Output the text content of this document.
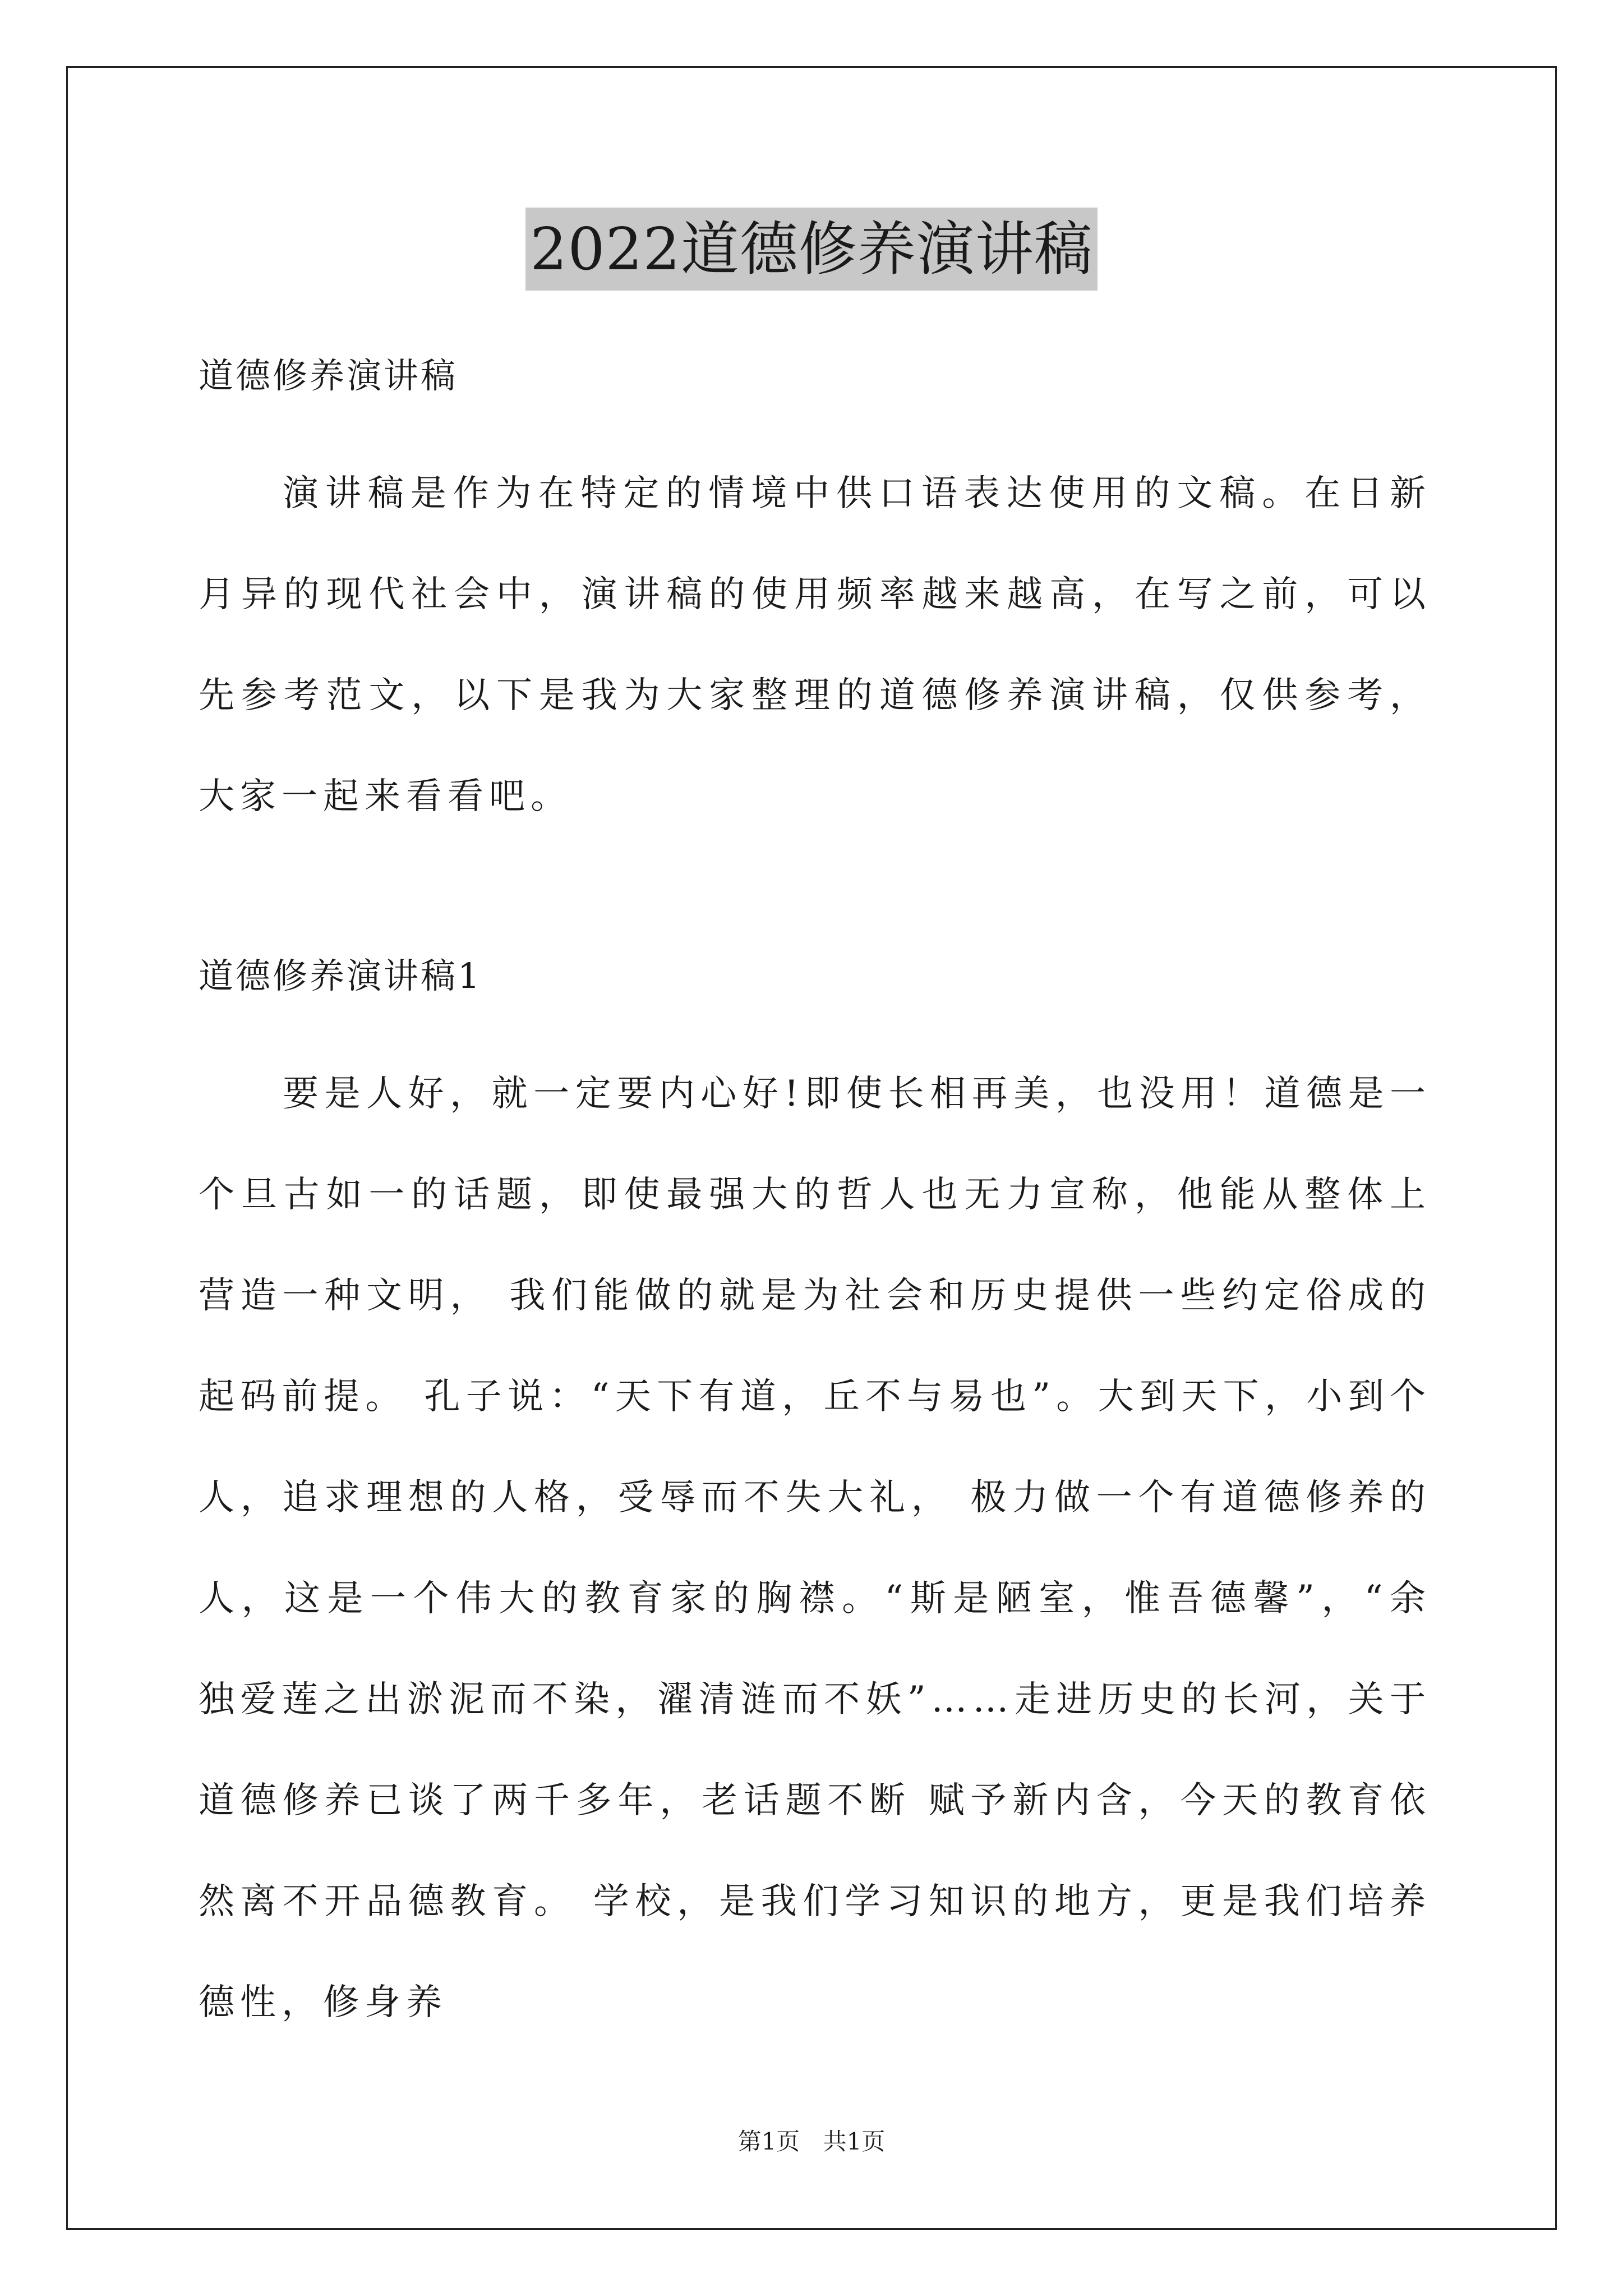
2022道德修养演讲稿

道德修养演讲稿

演讲稿是作为在特定的情境中供口语表达使用的文稿。在日新月异的现代社会中，演讲稿的使用频率越来越高，在写之前，可以先参考范文，以下是我为大家整理的道德修养演讲稿，仅供参考，大家一起来看看吧。

道德修养演讲稿1

要是人好，就一定要内心好!即使长相再美，也没用！道德是一个旦古如一的话题，即使最强大的哲人也无力宣称，他能从整体上营造一种文明， 我们能做的就是为社会和历史提供一些约定俗成的起码前提。 孔子说：“天下有道，丘不与易也”。大到天下，小到个人，追求理想的人格，受辱而不失大礼， 极力做一个有道德修养的人，这是一个伟大的教育家的胸襟。“斯是陋室，惟吾德馨”，“余独爱莲之出淤泥而不染，濯清涟而不妖”……走进历史的长河，关于道德修养已谈了两千多年，老话题不断 赋予新内含，今天的教育依然离不开品德教育。 学校，是我们学习知识的地方，更是我们培养德性，修身养

第1页 共1页
